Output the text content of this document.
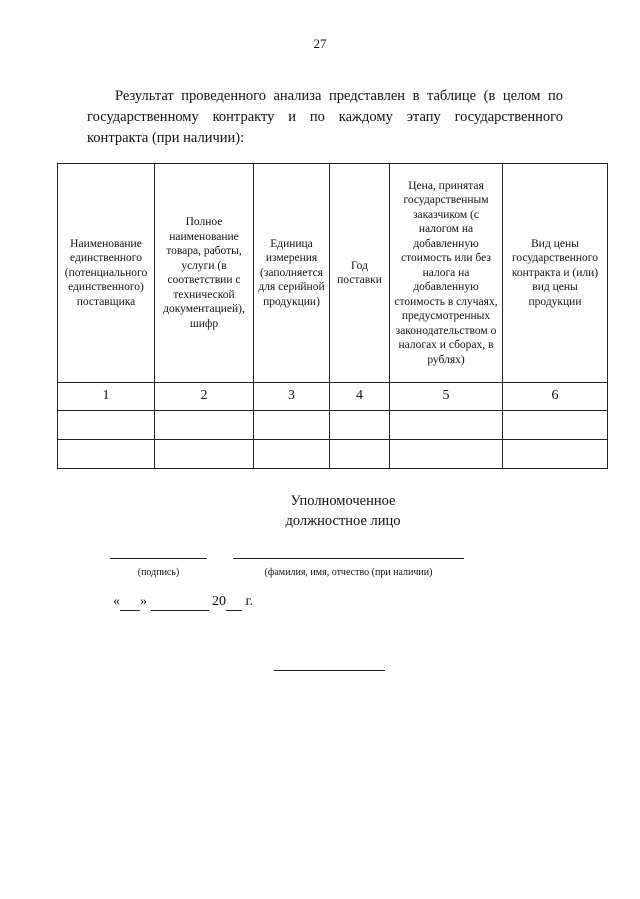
27
Результат проведенного анализа представлен в таблице (в целом по государственному контракту и по каждому этапу государственного контракта (при наличии):
Наименование единственного (потенциального единственного) поставщика	Полное наименование товара, работы, услуги (в соответствии с технической документацией), шифр	Единица измерения (заполняется для серийной продукции)	Год поставки	Цена, принятая государственным заказчиком (с налогом на добавленную стоимость или без налога на добавленную стоимость в случаях, предусмотренных законодательством о налогах и сборах, в рублях)	Вид цены государственного контракта и (или) вид цены продукции
1	2	3	4	5	6

Уполномоченное
должностное лицо
(подпись)	(фамилия, имя, отчество (при наличии)
« »	20 г.
